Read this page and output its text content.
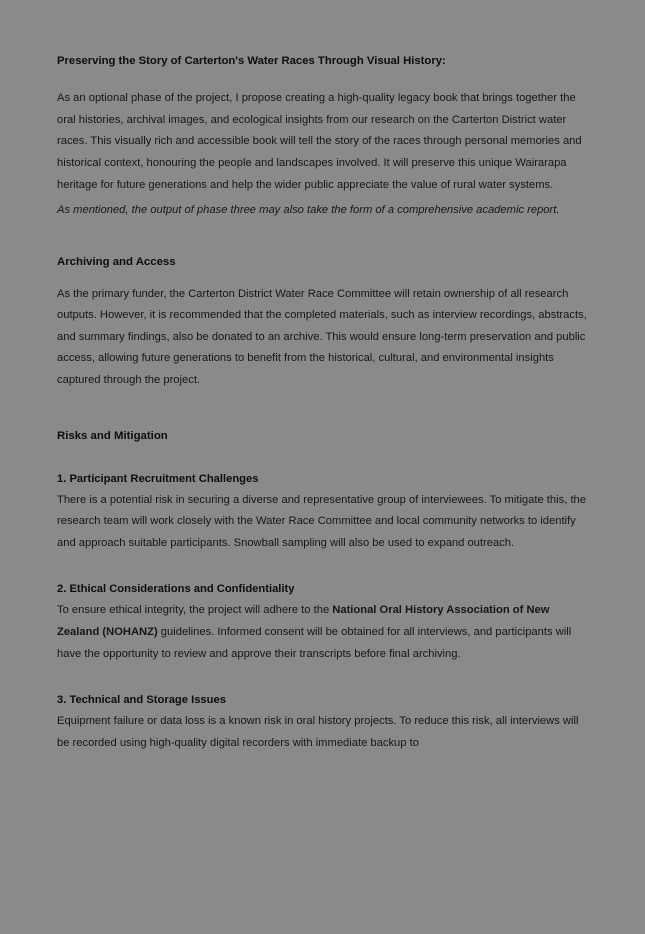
Preserving the Story of Carterton's Water Races Through Visual History:

As an optional phase of the project, I propose creating a high-quality legacy book that brings together the oral histories, archival images, and ecological insights from our research on the Carterton District water races. This visually rich and accessible book will tell the story of the races through personal memories and historical context, honouring the people and landscapes involved. It will preserve this unique Wairarapa heritage for future generations and help the wider public appreciate the value of rural water systems.

As mentioned, the output of phase three may also take the form of a comprehensive academic report.

Archiving and Access

As the primary funder, the Carterton District Water Race Committee will retain ownership of all research outputs. However, it is recommended that the completed materials, such as interview recordings, abstracts, and summary findings, also be donated to an archive. This would ensure long-term preservation and public access, allowing future generations to benefit from the historical, cultural, and environmental insights captured through the project.

Risks and Mitigation

1. Participant Recruitment Challenges

There is a potential risk in securing a diverse and representative group of interviewees. To mitigate this, the research team will work closely with the Water Race Committee and local community networks to identify and approach suitable participants. Snowball sampling will also be used to expand outreach.

2. Ethical Considerations and Confidentiality

To ensure ethical integrity, the project will adhere to the National Oral History Association of New Zealand (NOHANZ) guidelines. Informed consent will be obtained for all interviews, and participants will have the opportunity to review and approve their transcripts before final archiving.

3. Technical and Storage Issues

Equipment failure or data loss is a known risk in oral history projects. To reduce this risk, all interviews will be recorded using high-quality digital recorders with immediate backup to
